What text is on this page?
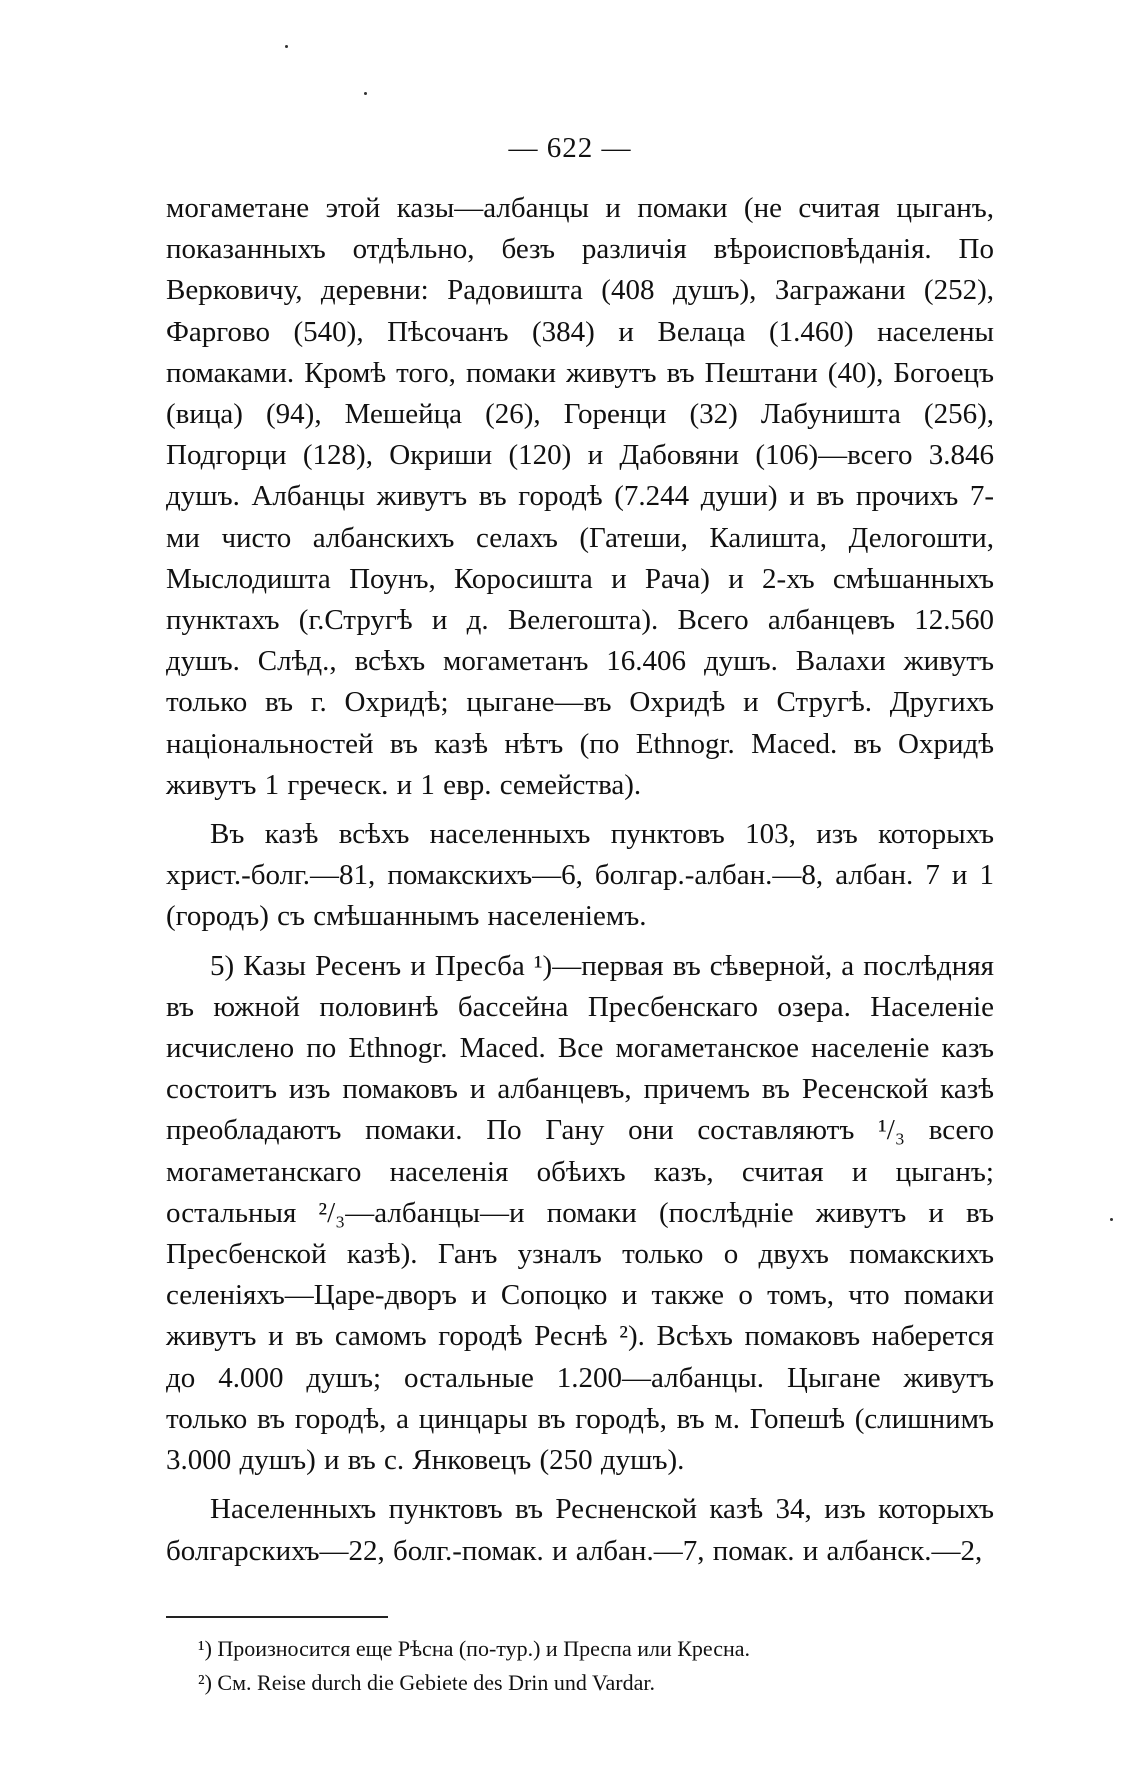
— 622 —

могаметане этой казы—албанцы и помаки (не считая цыганъ, показанныхъ отдѣльно, безъ различія вѣроисповѣданія. По Верковичу, деревни: Радовишта (408 душъ), Загражани (252), Фаргово (540), Пѣсочанъ (384) и Велаца (1.460) населены помаками. Кромѣ того, помаки живутъ въ Пештани (40), Богоецъ (вица) (94), Мешейца (26), Горенци (32) Лабуништа (256), Подгорци (128), Окриши (120) и Дабовяни (106)—всего 3.846 душъ. Албанцы живутъ въ городѣ (7.244 души) и въ прочихъ 7-ми чисто албанскихъ селахъ (Гатеши, Калишта, Делогошти, Мыслодишта Поунъ, Коросишта и Рача) и 2-хъ смѣшанныхъ пунктахъ (г.Стругѣ и д. Велегошта). Всего албанцевъ 12.560 душъ. Слѣд., всѣхъ могаметанъ 16.406 душъ. Валахи живутъ только въ г. Охридѣ; цыгане—въ Охридѣ и Стругѣ. Другихъ національностей въ казѣ нѣтъ (по Ethnogr. Maced. въ Охридѣ живутъ 1 греческ. и 1 евр. семейства).

Въ казѣ всѣхъ населенныхъ пунктовъ 103, изъ которыхъ христ.-болг.—81, помакскихъ—6, болгар.-албан.—8, албан. 7 и 1 (городъ) съ смѣшаннымъ населеніемъ.

5) Казы Ресенъ и Пресба ¹)—первая въ сѣверной, а послѣдняя въ южной половинѣ бассейна Пресбенскаго озера. Населеніе исчислено по Ethnogr. Maced. Все могаметанское населеніе казъ состоитъ изъ помаковъ и албанцевъ, причемъ въ Ресенской казѣ преобладаютъ помаки. По Гану они составляютъ ¹/₃ всего могаметанскаго населенія обѣихъ казъ, считая и цыганъ; остальныя ²/₃—албанцы—и помаки (послѣдніе живутъ и въ Пресбенской казѣ). Ганъ узналъ только о двухъ помакскихъ селеніяхъ—Царе-дворъ и Сопоцко и также о томъ, что помаки живутъ и въ самомъ городѣ Реснѣ ²). Всѣхъ помаковъ наберется до 4.000 душъ; остальные 1.200—албанцы. Цыгане живутъ только въ городѣ, а цинцары въ городѣ, въ м. Гопешѣ (слишнимъ 3.000 душъ) и въ с. Янковецъ (250 душъ).

Населенныхъ пунктовъ въ Ресненской казѣ 34, изъ которыхъ болгарскихъ—22, болг.-помак. и албан.—7, помак. и албанск.—2,

¹) Произносится еще Рѣсна (по-тур.) и Преспа или Кресна.

²) См. Reise durch die Gebiete des Drin und Vardar.
